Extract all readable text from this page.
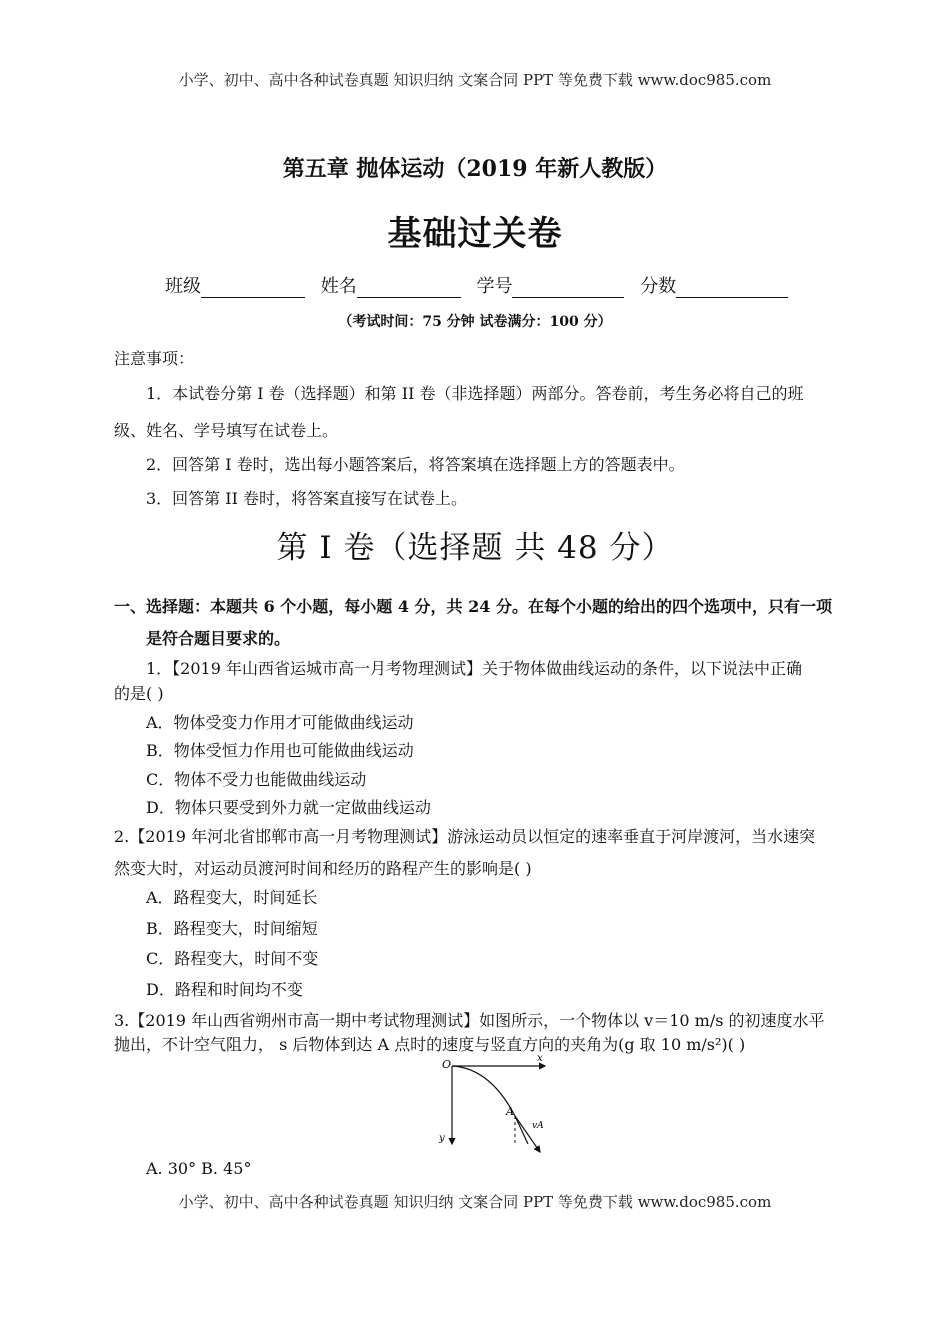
小学、初中、高中各种试卷真题 知识归纳 文案合同 PPT 等免费下载 www.doc985.com
第五章 抛体运动（2019 年新人教版）
基础过关卷
班级	姓名	学号	分数
（考试时间：75 分钟 试卷满分：100 分）
注意事项：
1．本试卷分第 I 卷（选择题）和第 II 卷（非选择题）两部分。答卷前，考生务必将自己的班
级、姓名、学号填写在试卷上。
2．回答第 I 卷时，选出每小题答案后，将答案填在选择题上方的答题表中。
3．回答第 II 卷时，将答案直接写在试卷上。
第 I 卷（选择题 共 48 分）
一、选择题：本题共 6 个小题，每小题 4 分，共 24 分。在每个小题的给出的四个选项中，只有一项
是符合题目要求的。
1．【2019 年山西省运城市高一月考物理测试】关于物体做曲线运动的条件，以下说法中正确
的是( )
A．物体受变力作用才可能做曲线运动
B．物体受恒力作用也可能做曲线运动
C．物体不受力也能做曲线运动
D．物体只要受到外力就一定做曲线运动
2.【2019 年河北省邯郸市高一月考物理测试】游泳运动员以恒定的速率垂直于河岸渡河，当水速突
然变大时，对运动员渡河时间和经历的路程产生的影响是( )
A．路程变大，时间延长
B．路程变大，时间缩短
C．路程变大，时间不变
D．路程和时间均不变
3.【2019 年山西省朔州市高一期中考试物理测试】如图所示，一个物体以 v＝10 m/s 的初速度水平
抛出，不计空气阻力， s 后物体到达 A 点时的速度与竖直方向的夹角为(g 取 10 m/s²)( )
O	x
y
A
vA
A. 30° B. 45°
小学、初中、高中各种试卷真题 知识归纳 文案合同 PPT 等免费下载 www.doc985.com
